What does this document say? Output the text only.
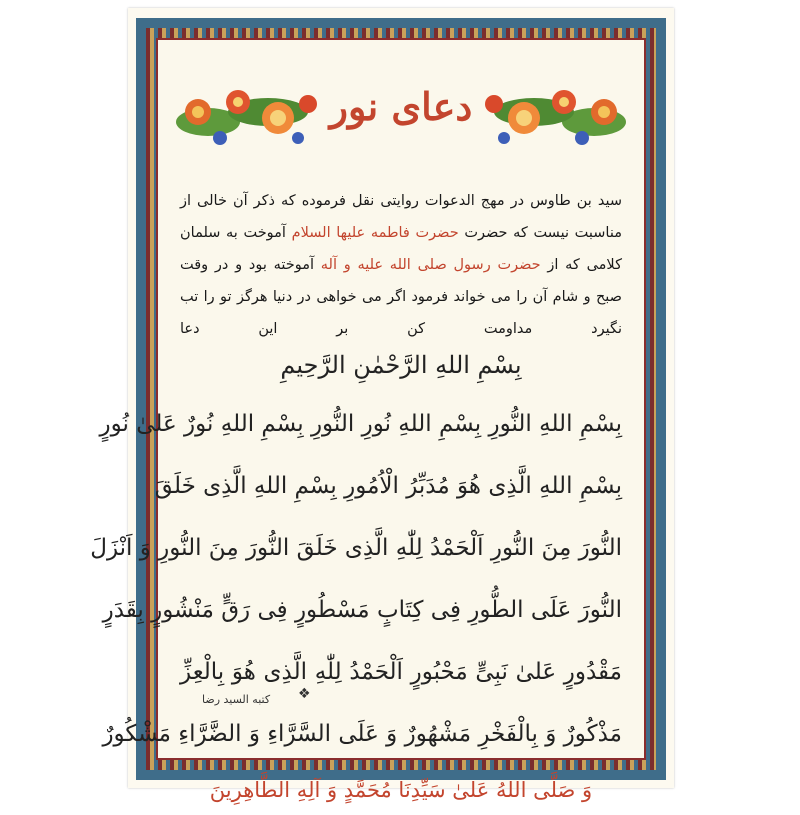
دعای نور

سید بن طاوس در مهج الدعوات روایتی نقل فرموده که ذکر آن خالی از مناسبت نیست که حضرت حضرت فاطمه علیها السلام آموخت به سلمان کلامی که از حضرت رسول صلی الله علیه و آله آموخته بود و در وقت صبح و شام آن را می خواند فرمود اگر می خواهی در دنیا هرگز تو را تب نگیرد مداومت کن بر این دعا

بِسْمِ اللهِ الرَّحْمٰنِ الرَّحِیمِ
بِسْمِ اللهِ النُّورِ بِسْمِ اللهِ نُورِ النُّورِ بِسْمِ اللهِ نُورٌ عَلیٰ نُورٍ
بِسْمِ اللهِ الَّذِی هُوَ مُدَبِّرُ الْاُمُورِ بِسْمِ اللهِ الَّذِی خَلَقَ
النُّورَ مِنَ النُّورِ اَلْحَمْدُ لِلّٰهِ الَّذِی خَلَقَ النُّورَ مِنَ النُّورِ وَ اَنْزَلَ
النُّورَ عَلَی الطُّورِ فِی کِتَابٍ مَسْطُورٍ فِی رَقٍّ مَنْشُورٍ بِقَدَرٍ
مَقْدُورٍ عَلیٰ نَبِیٍّ مَحْبُورٍ اَلْحَمْدُ لِلّٰهِ الَّذِی هُوَ بِالْعِزِّ
مَذْکُورٌ وَ بِالْفَخْرِ مَشْهُورٌ وَ عَلَی السَّرَّاءِ وَ الضَّرَّاءِ مَشْکُورٌ
وَ صَلَّی اللهُ عَلیٰ سَیِّدِنَا مُحَمَّدٍ وَ آلِهِ الطَّاهِرِینَ
❖
کتبه السید رضا
